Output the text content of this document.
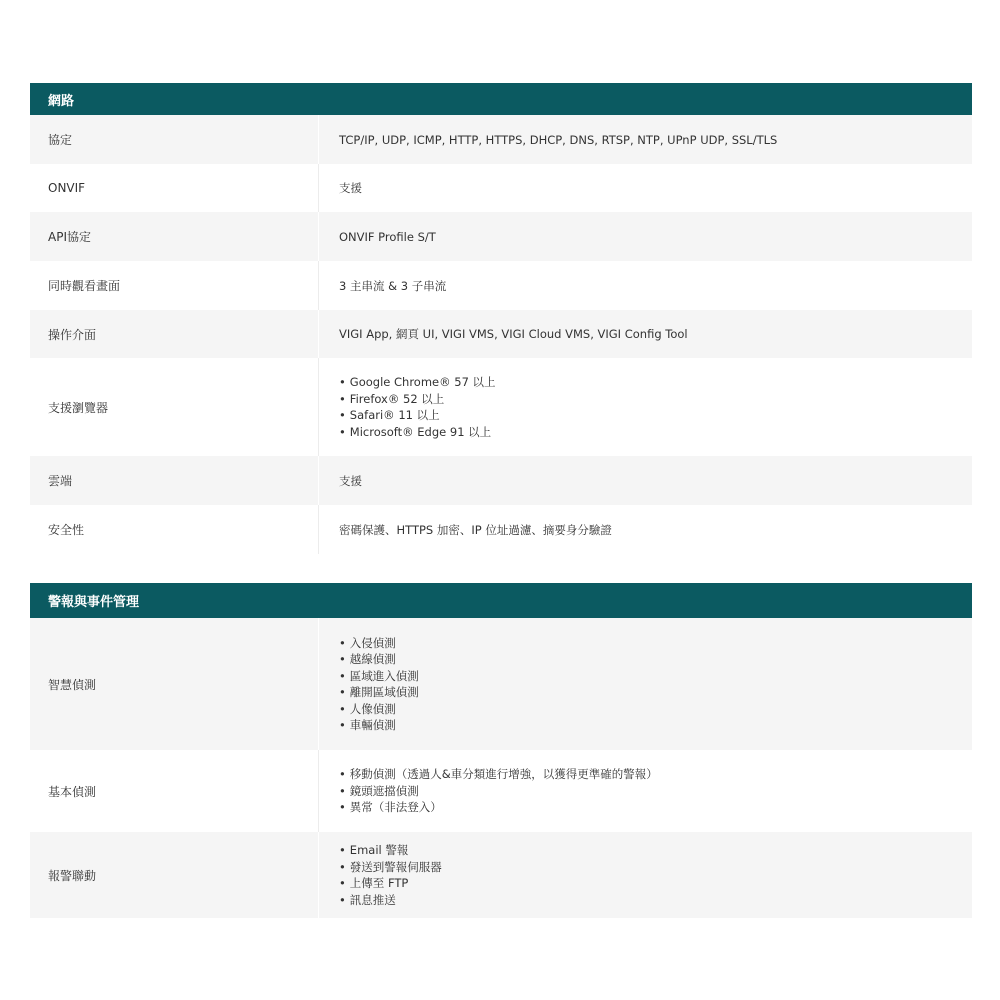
網路
協定	TCP/IP, UDP, ICMP, HTTP, HTTPS, DHCP, DNS, RTSP, NTP, UPnP UDP, SSL/TLS
ONVIF	支援
API協定	ONVIF Profile S/T
同時觀看畫面	3 主串流 & 3 子串流
操作介面	VIGI App, 網頁 UI, VIGI VMS, VIGI Cloud VMS, VIGI Config Tool
支援瀏覽器
• Google Chrome® 57 以上
• Firefox® 52 以上
• Safari® 11 以上
• Microsoft® Edge 91 以上
雲端	支援
安全性	密碼保護、HTTPS 加密、IP 位址過濾、摘要身分驗證
警報與事件管理
智慧偵測
• 入侵偵測
• 越線偵測
• 區域進入偵測
• 離開區域偵測
• 人像偵測
• 車輛偵測
基本偵測
• 移動偵測（透過人&車分類進行增強，以獲得更準確的警報）
• 鏡頭遮擋偵測
• 異常（非法登入）
報警聯動
• Email 警報
• 發送到警報伺服器
• 上傳至 FTP
• 訊息推送
